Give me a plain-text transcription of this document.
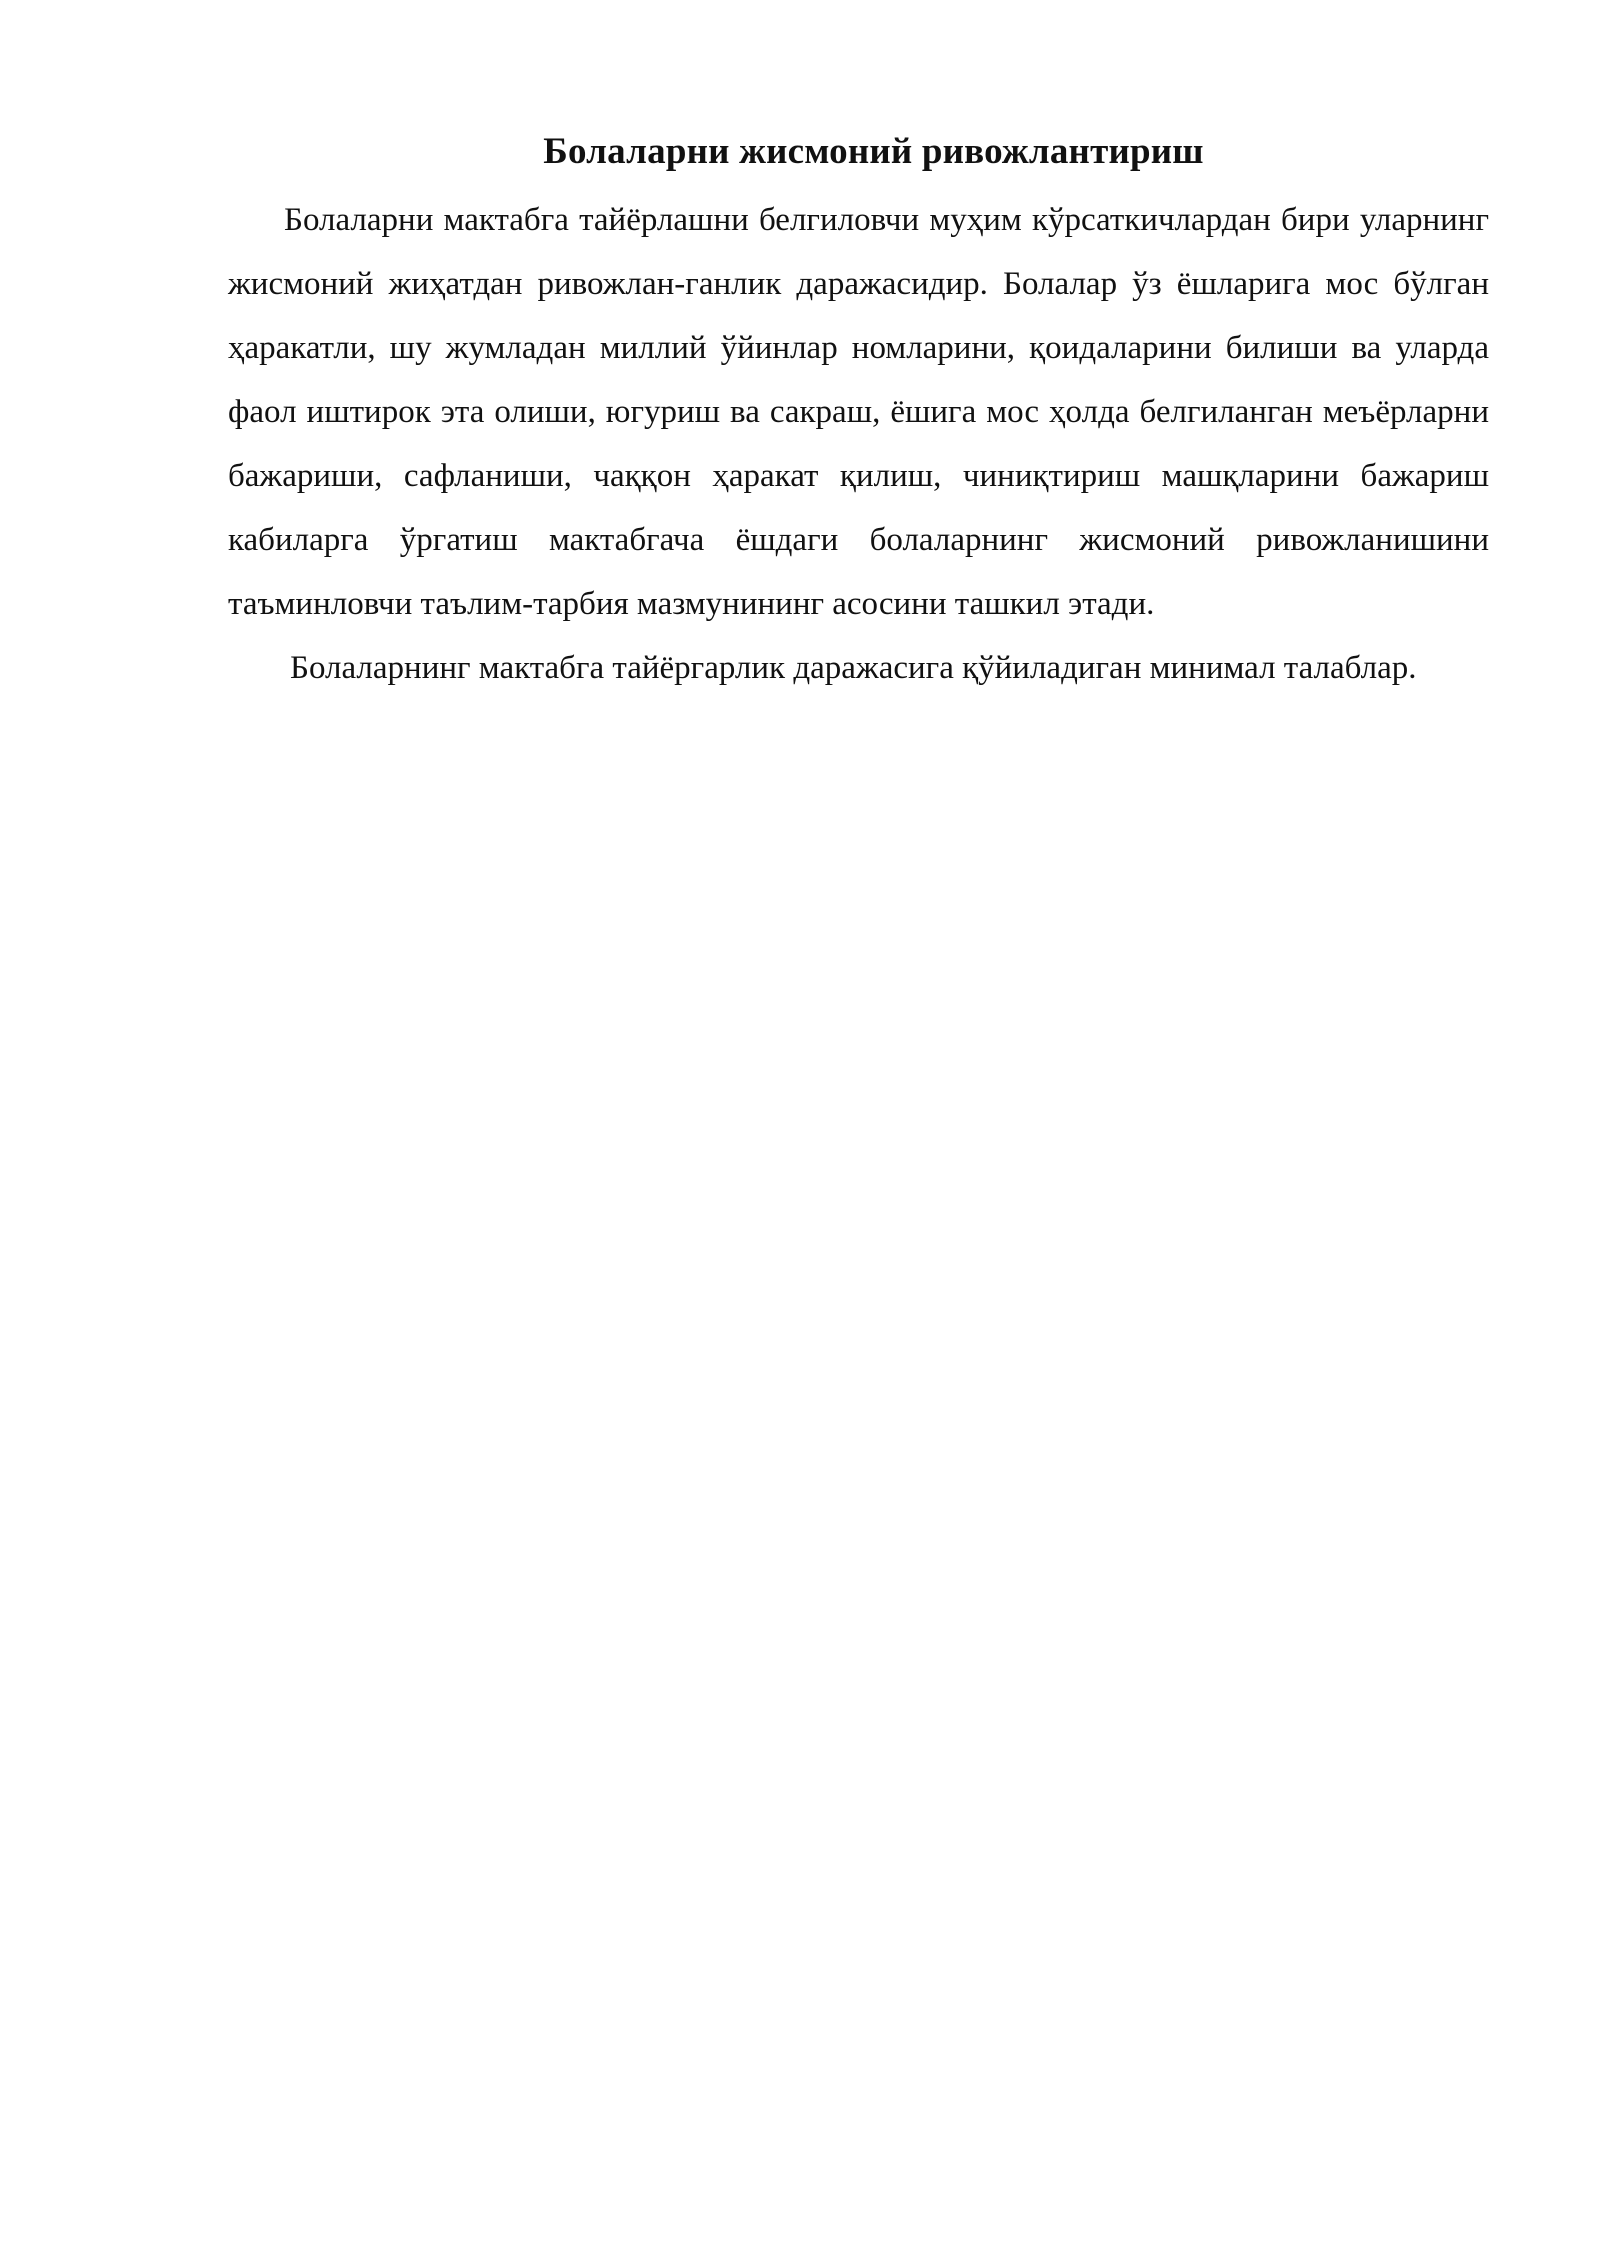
Болаларни жисмоний ривожлантириш

Болаларни мактабга тайёрлашни белгиловчи муҳим кўрсаткичлардан бири уларнинг жисмоний жиҳатдан ривожлан-ганлик даражасидир. Болалар ўз ёшларига мос бўлган ҳаракатли, шу жумладан миллий ўйинлар номларини, қоидаларини билиши ва уларда фаол иштирок эта олиши, югуриш ва сакраш, ёшига мос ҳолда белгиланган меъёрларни бажариши, сафланиши, чаққон ҳаракат қилиш, чиниқтириш машқларини бажариш кабиларга ўргатиш мактабгача ёшдаги болаларнинг жисмоний ривожланишини таъминловчи таълим-тарбия мазмунининг асосини ташкил этади.

Болаларнинг мактабга тайёргарлик даражасига қўйиладиган минимал талаблар.
